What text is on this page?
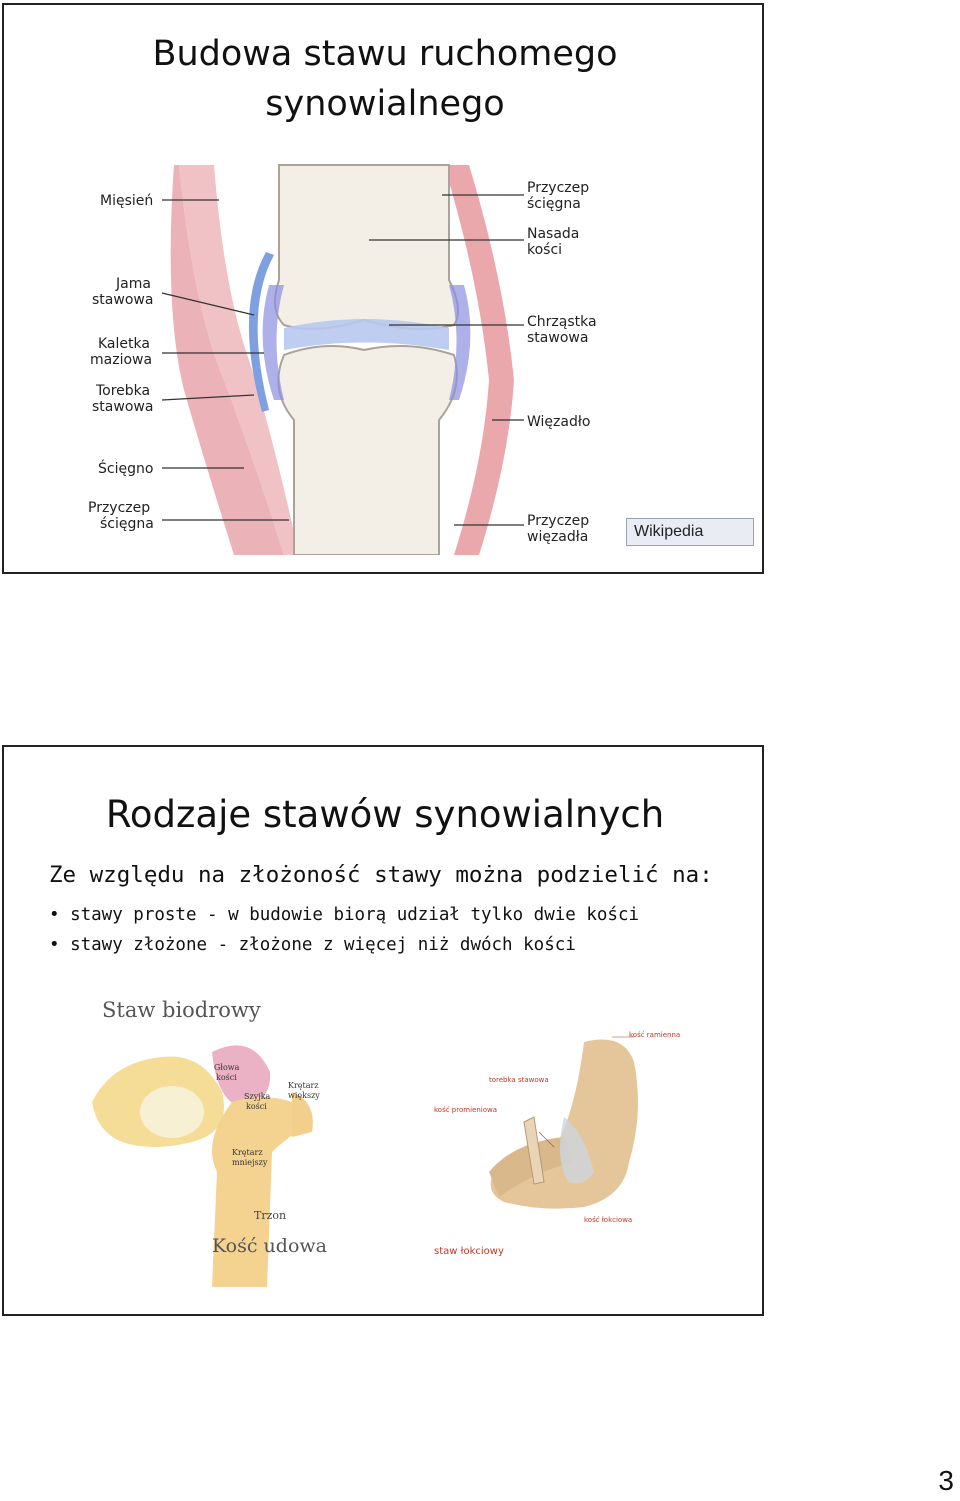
Budowa stawu ruchomego
synowialnego
Mięsień
Jama
stawowa
Kaletka
maziowa
Torebka
stawowa
Ścięgno
Przyczep
ścięgna
Przyczep
ścięgna
Nasada
kości
Chrząstka
stawowa
Więzadło
Przyczep
więzadła	Wikipedia
Rodzaje stawów synowialnych
Ze względu na złożoność stawy można podzielić na:
• stawy proste - w budowie biorą udział tylko dwie kości
• stawy złożone - złożone z więcej niż dwóch kości
Staw biodrowy
Głowa
kości
Szyjka
kości
Krętarz
większy
Krętarz
mniejszy
Trzon
Kość udowa
kość ramienna
torebka stawowa
kość promieniowa
kość łokciowa
staw łokciowy
3
